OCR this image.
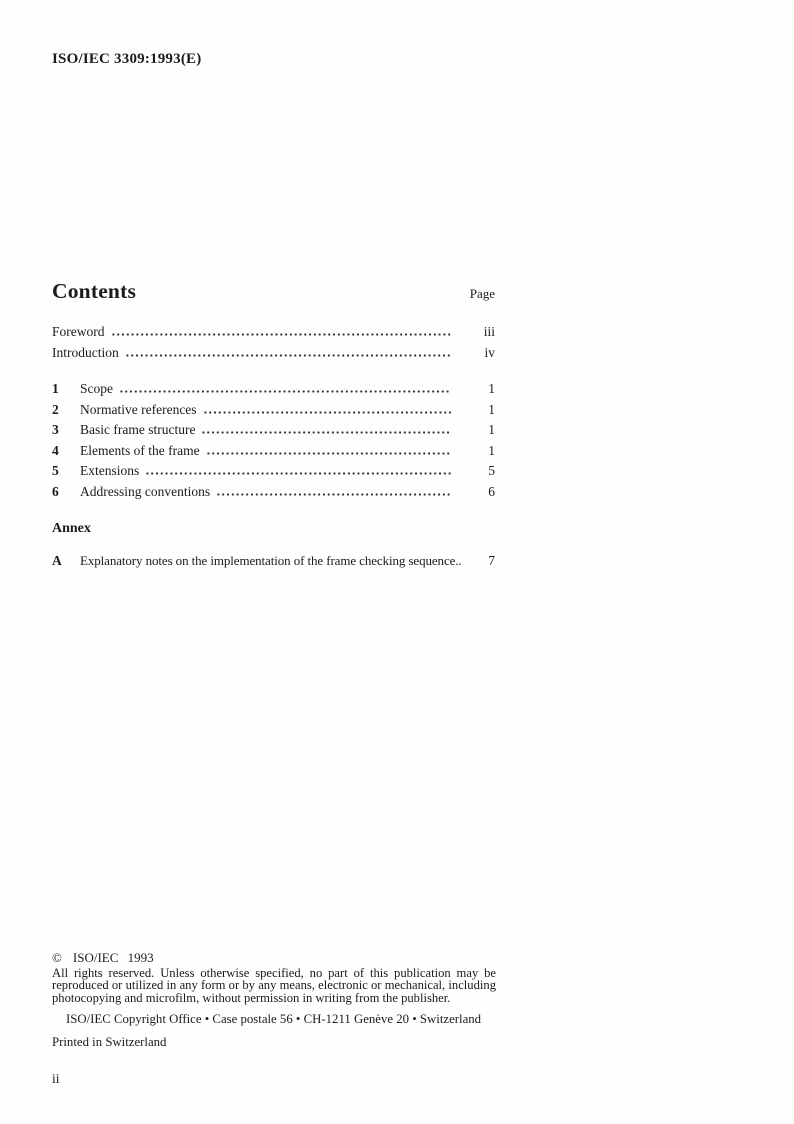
ISO/IEC 3309:1993(E)
Contents	Page
Foreword	iii
Introduction	iv
1	Scope	1
2	Normative references	1
3	Basic frame structure	1
4	Elements of the frame	1
5	Extensions	5
6	Addressing conventions	6
Annex
A	Explanatory notes on the implementation of the frame checking sequence..	7
© ISO/IEC 1993

All rights reserved. Unless otherwise specified, no part of this publication may be reproduced or utilized in any form or by any means, electronic or mechanical, including photocopying and microfilm, without permission in writing from the publisher.

ISO/IEC Copyright Office • Case postale 56 • CH-1211 Genève 20 • Switzerland
Printed in Switzerland
ii
